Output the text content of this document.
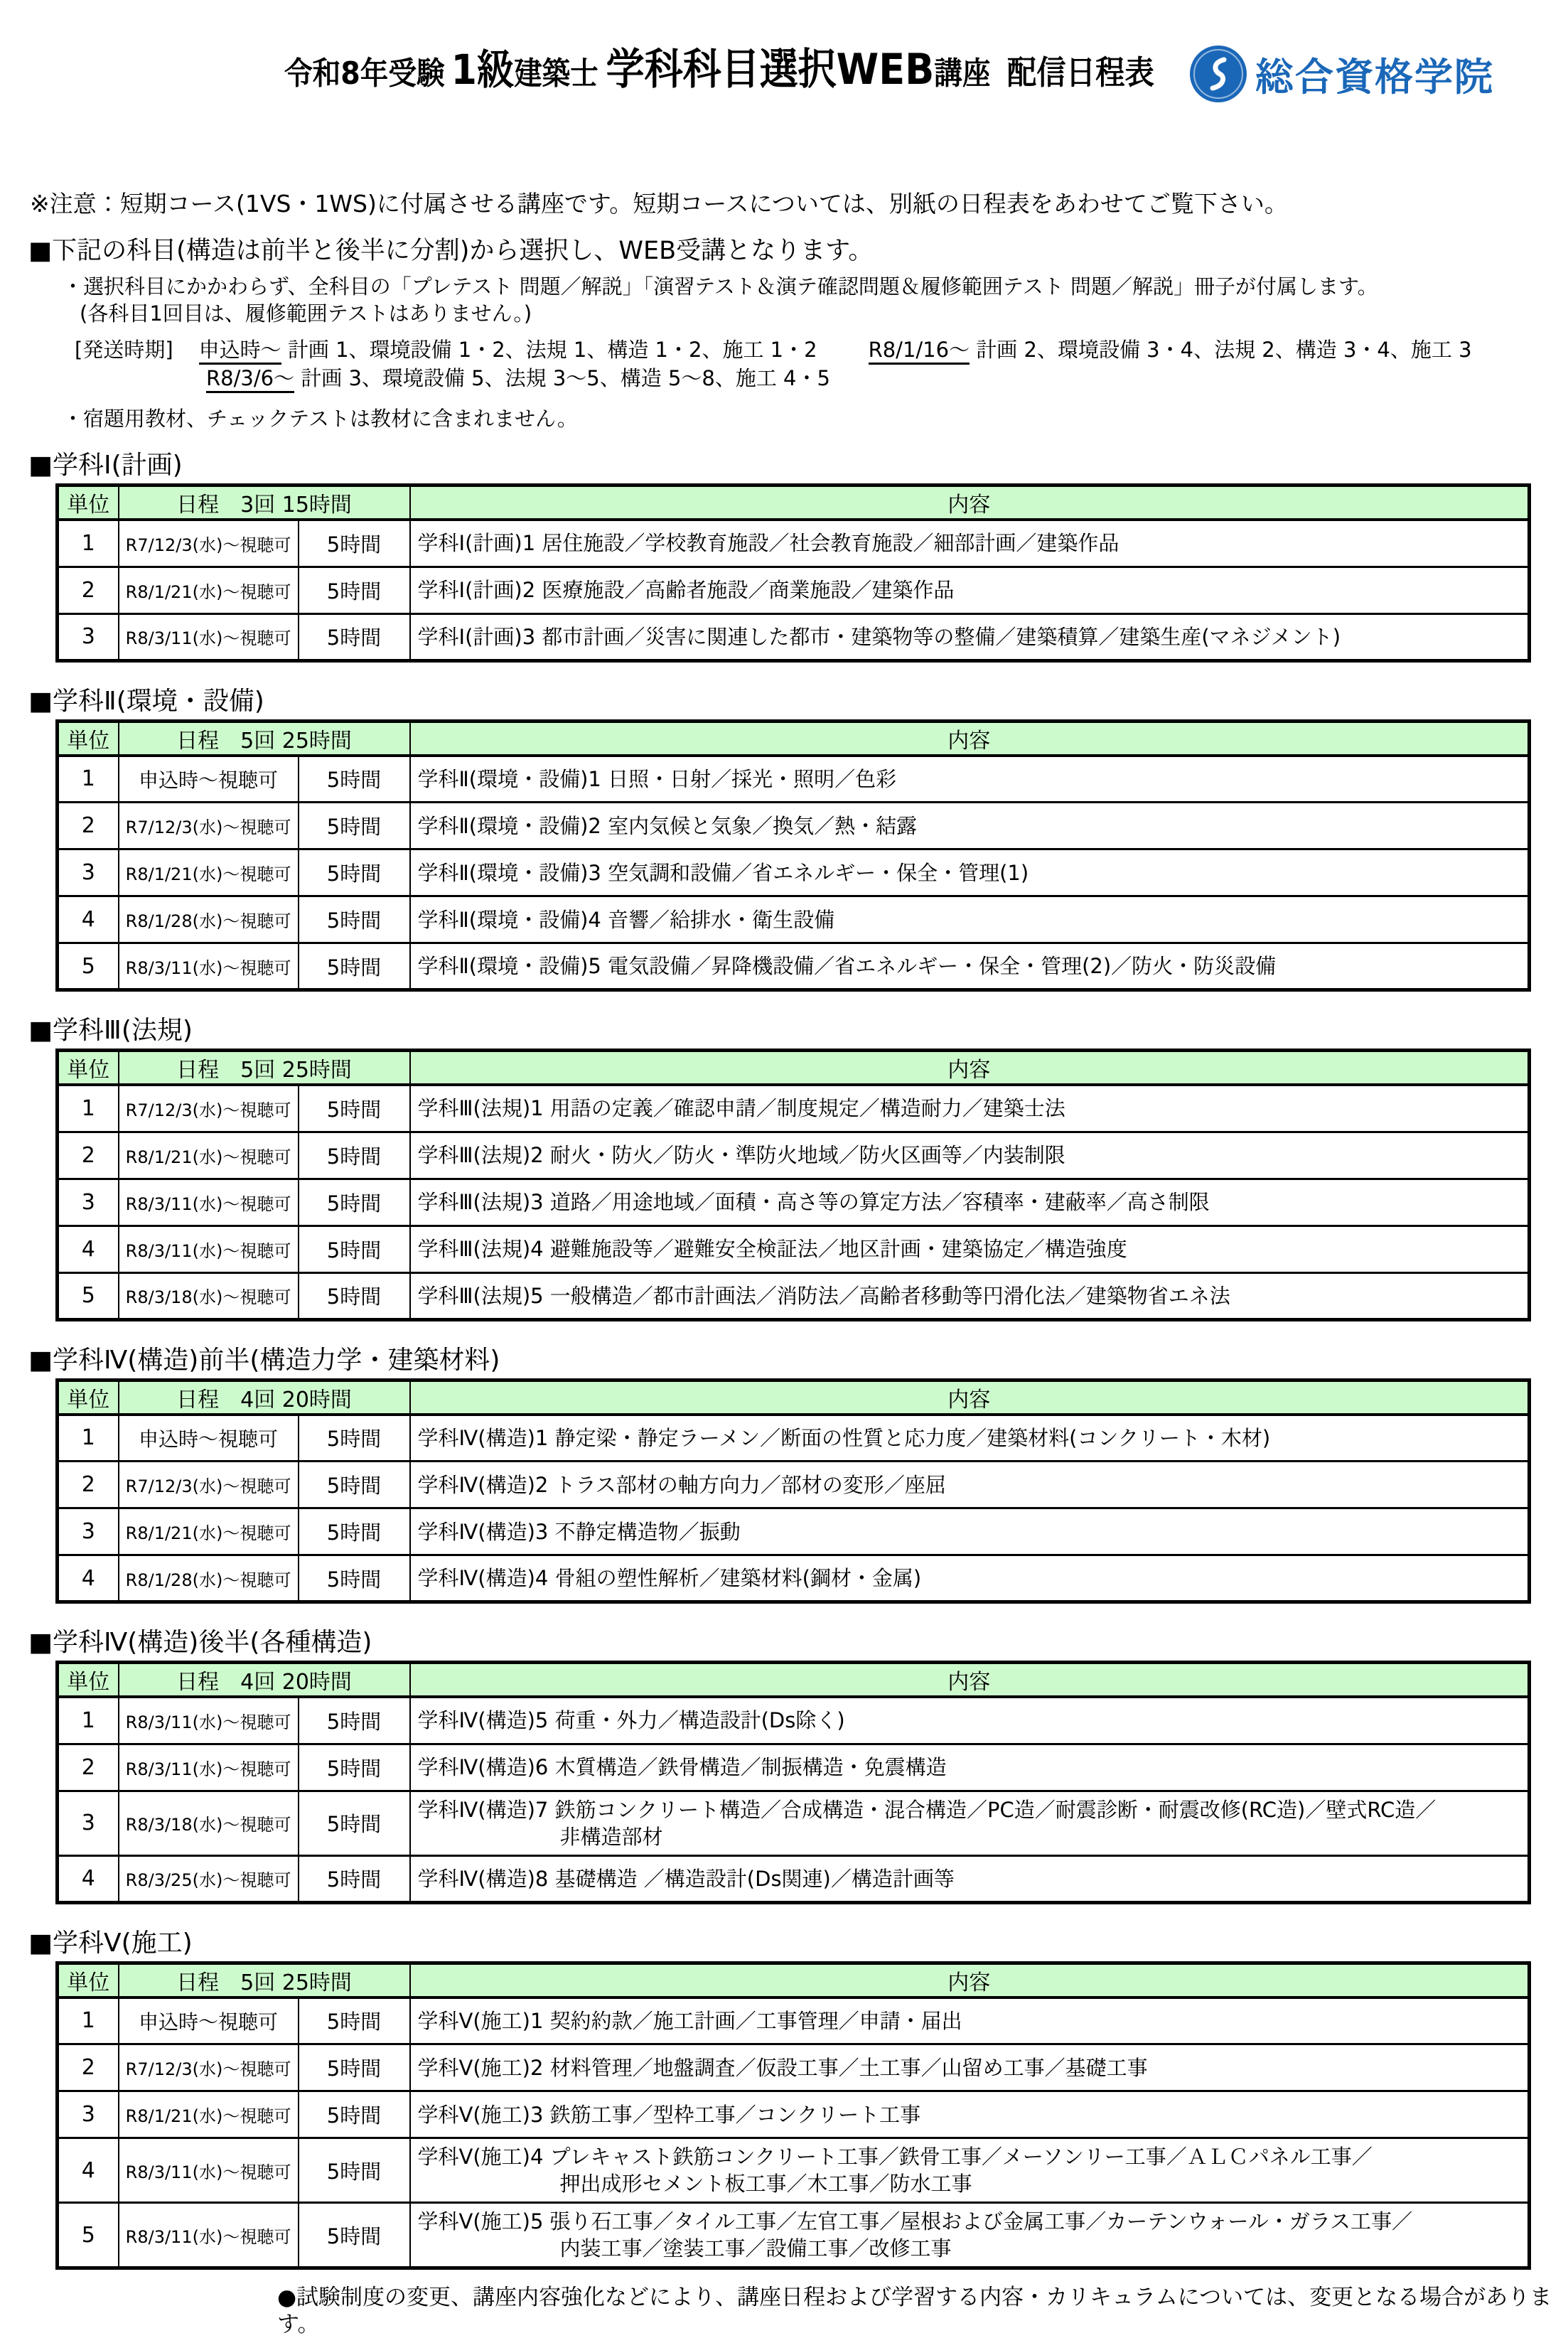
令和8年受験 1級建築士 学科科目選択WEB講座 配信日程表	総合資格学院

※注意：短期コース(1VS・1WS)に付属させる講座です。短期コースについては、別紙の日程表をあわせてご覧下さい。

■下記の科目(構造は前半と後半に分割)から選択し、WEB受講となります。

・選択科目にかかわらず、全科目の「プレテスト 問題／解説」「演習テスト＆演テ確認問題＆履修範囲テスト 問題／解説」冊子が付属します。

(各科目1回目は、履修範囲テストはありません。)

[発送時期] 申込時～ 計画 1、環境設備 1・2、法規 1、構造 1・2、施工 1・2 R8/1/16～ 計画 2、環境設備 3・4、法規 2、構造 3・4、施工 3

R8/3/6～ 計画 3、環境設備 5、法規 3～5、構造 5～8、施工 4・5

・宿題用教材、チェックテストは教材に含まれません。

■学科Ⅰ(計画)
単位	日程　3回 15時間		内容
1	R7/12/3(水)～視聴可	5時間	学科Ⅰ(計画)1 居住施設／学校教育施設／社会教育施設／細部計画／建築作品

2	R8/1/21(水)～視聴可	5時間	学科Ⅰ(計画)2 医療施設／高齢者施設／商業施設／建築作品

3	R8/3/11(水)～視聴可	5時間	学科Ⅰ(計画)3 都市計画／災害に関連した都市・建築物等の整備／建築積算／建築生産(マネジメント)
■学科Ⅱ(環境・設備)
単位	日程　5回 25時間		内容
1	申込時～視聴可	5時間	学科Ⅱ(環境・設備)1 日照・日射／採光・照明／色彩

2	R7/12/3(水)～視聴可	5時間	学科Ⅱ(環境・設備)2 室内気候と気象／換気／熱・結露

3	R8/1/21(水)～視聴可	5時間	学科Ⅱ(環境・設備)3 空気調和設備／省エネルギー・保全・管理(1)

4	R8/1/28(水)～視聴可	5時間	学科Ⅱ(環境・設備)4 音響／給排水・衛生設備

5	R8/3/11(水)～視聴可	5時間	学科Ⅱ(環境・設備)5 電気設備／昇降機設備／省エネルギー・保全・管理(2)／防火・防災設備
■学科Ⅲ(法規)
単位	日程　5回 25時間		内容
1	R7/12/3(水)～視聴可	5時間	学科Ⅲ(法規)1 用語の定義／確認申請／制度規定／構造耐力／建築士法

2	R8/1/21(水)～視聴可	5時間	学科Ⅲ(法規)2 耐火・防火／防火・準防火地域／防火区画等／内装制限

3	R8/3/11(水)～視聴可	5時間	学科Ⅲ(法規)3 道路／用途地域／面積・高さ等の算定方法／容積率・建蔽率／高さ制限

4	R8/3/11(水)～視聴可	5時間	学科Ⅲ(法規)4 避難施設等／避難安全検証法／地区計画・建築協定／構造強度

5	R8/3/18(水)～視聴可	5時間	学科Ⅲ(法規)5 一般構造／都市計画法／消防法／高齢者移動等円滑化法／建築物省エネ法
■学科Ⅳ(構造)前半(構造力学・建築材料)
単位	日程　4回 20時間		内容
1	申込時～視聴可	5時間	学科Ⅳ(構造)1 静定梁・静定ラーメン／断面の性質と応力度／建築材料(コンクリート・木材)

2	R7/12/3(水)～視聴可	5時間	学科Ⅳ(構造)2 トラス部材の軸方向力／部材の変形／座屈

3	R8/1/21(水)～視聴可	5時間	学科Ⅳ(構造)3 不静定構造物／振動

4	R8/1/28(水)～視聴可	5時間	学科Ⅳ(構造)4 骨組の塑性解析／建築材料(鋼材・金属)
■学科Ⅳ(構造)後半(各種構造)
単位	日程　4回 20時間		内容
1	R8/3/11(水)～視聴可	5時間	学科Ⅳ(構造)5 荷重・外力／構造設計(Ds除く)

2	R8/3/11(水)～視聴可	5時間	学科Ⅳ(構造)6 木質構造／鉄骨構造／制振構造・免震構造

3	R8/3/18(水)～視聴可	5時間	学科Ⅳ(構造)7 鉄筋コンクリート構造／合成構造・混合構造／PC造／耐震診断・耐震改修(RC造)／壁式RC造／
非構造部材

4	R8/3/25(水)～視聴可	5時間	学科Ⅳ(構造)8 基礎構造 ／構造設計(Ds関連)／構造計画等
■学科Ⅴ(施工)
単位	日程　5回 25時間		内容
1	申込時～視聴可	5時間	学科Ⅴ(施工)1 契約約款／施工計画／工事管理／申請・届出

2	R7/12/3(水)～視聴可	5時間	学科Ⅴ(施工)2 材料管理／地盤調査／仮設工事／土工事／山留め工事／基礎工事

3	R8/1/21(水)～視聴可	5時間	学科Ⅴ(施工)3 鉄筋工事／型枠工事／コンクリート工事

4	R8/3/11(水)～視聴可	5時間	学科Ⅴ(施工)4 プレキャスト鉄筋コンクリート工事／鉄骨工事／メーソンリー工事／ＡＬＣパネル工事／
押出成形セメント板工事／木工事／防水工事

5	R8/3/11(水)～視聴可	5時間	学科Ⅴ(施工)5 張り石工事／タイル工事／左官工事／屋根および金属工事／カーテンウォール・ガラス工事／
内装工事／塗装工事／設備工事／改修工事

●試験制度の変更、講座内容強化などにより、講座日程および学習する内容・カリキュラムについては、変更となる場合があります。
